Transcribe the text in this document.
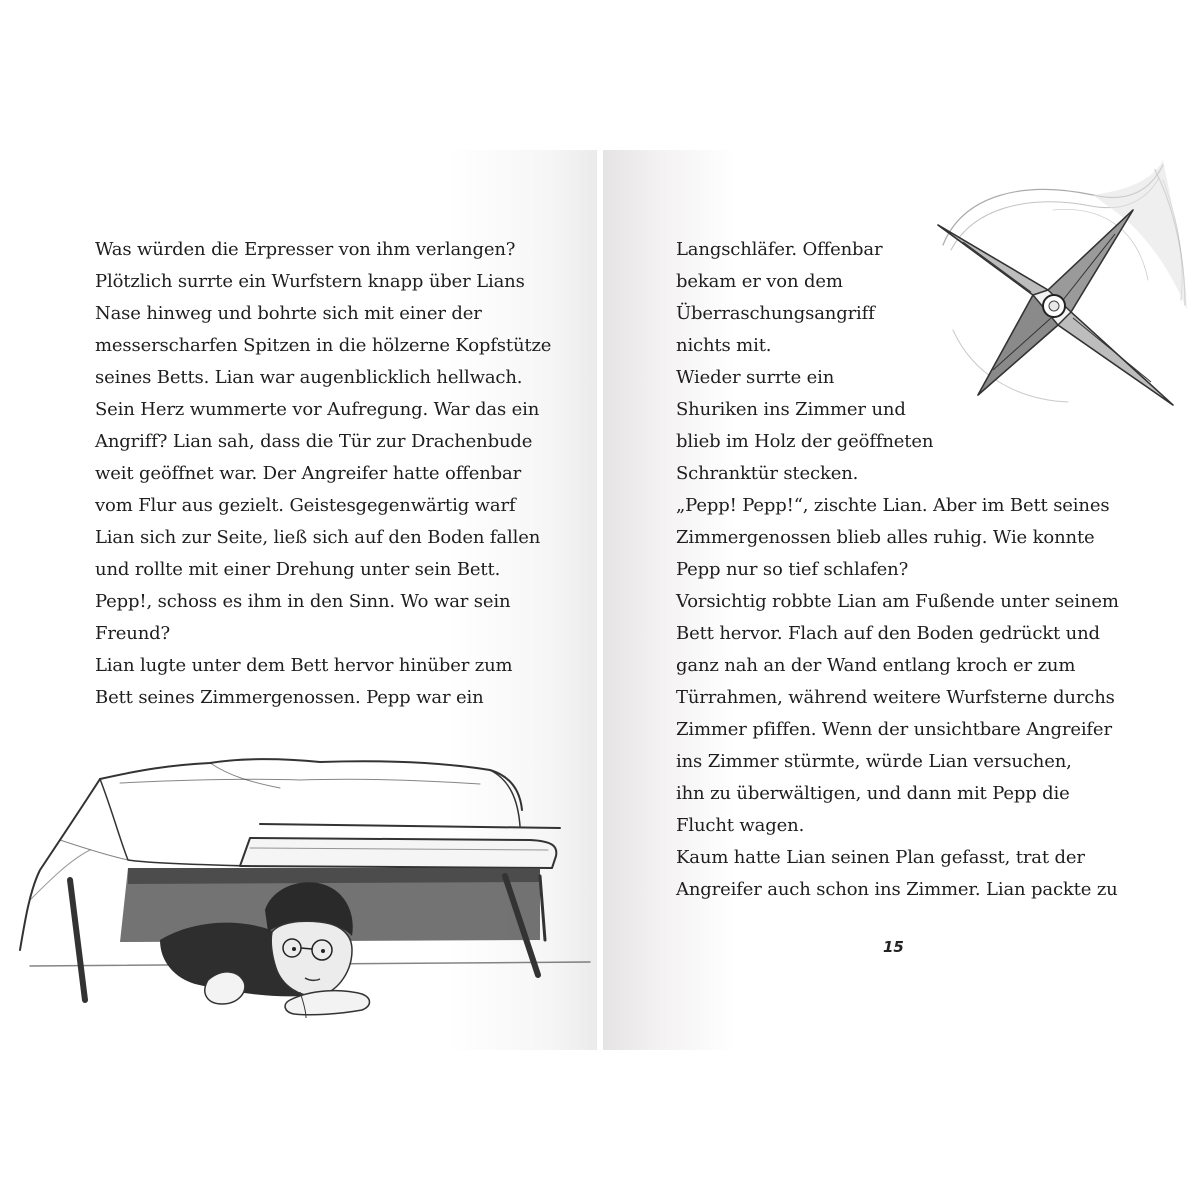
Was würden die Erpresser von ihm verlangen?
Plötzlich surrte ein Wurfstern knapp über Lians
Nase hinweg und bohrte sich mit einer der
messerscharfen Spitzen in die hölzerne Kopfstütze
seines Betts. Lian war augenblicklich hellwach.
Sein Herz wummerte vor Aufregung. War das ein
Angriff? Lian sah, dass die Tür zur Drachenbude
weit geöffnet war. Der Angreifer hatte offenbar
vom Flur aus gezielt. Geistesgegenwärtig warf
Lian sich zur Seite, ließ sich auf den Boden fallen
und rollte mit einer Drehung unter sein Bett.
Pepp!, schoss es ihm in den Sinn. Wo war sein
Freund?
Lian lugte unter dem Bett hervor hinüber zum
Bett seines Zimmergenossen. Pepp war ein
Langschläfer. Offenbar
bekam er von dem
Überraschungsangriff
nichts mit.
Wieder surrte ein
Shuriken ins Zimmer und
blieb im Holz der geöffneten
Schranktür stecken.
„Pepp! Pepp!“, zischte Lian. Aber im Bett seines
Zimmergenossen blieb alles ruhig. Wie konnte
Pepp nur so tief schlafen?
Vorsichtig robbte Lian am Fußende unter seinem
Bett hervor. Flach auf den Boden gedrückt und
ganz nah an der Wand entlang kroch er zum
Türrahmen, während weitere Wurfsterne durchs
Zimmer pfiffen. Wenn der unsichtbare Angreifer
ins Zimmer stürmte, würde Lian versuchen,
ihn zu überwältigen, und dann mit Pepp die
Flucht wagen.
Kaum hatte Lian seinen Plan gefasst, trat der
Angreifer auch schon ins Zimmer. Lian packte zu
15
